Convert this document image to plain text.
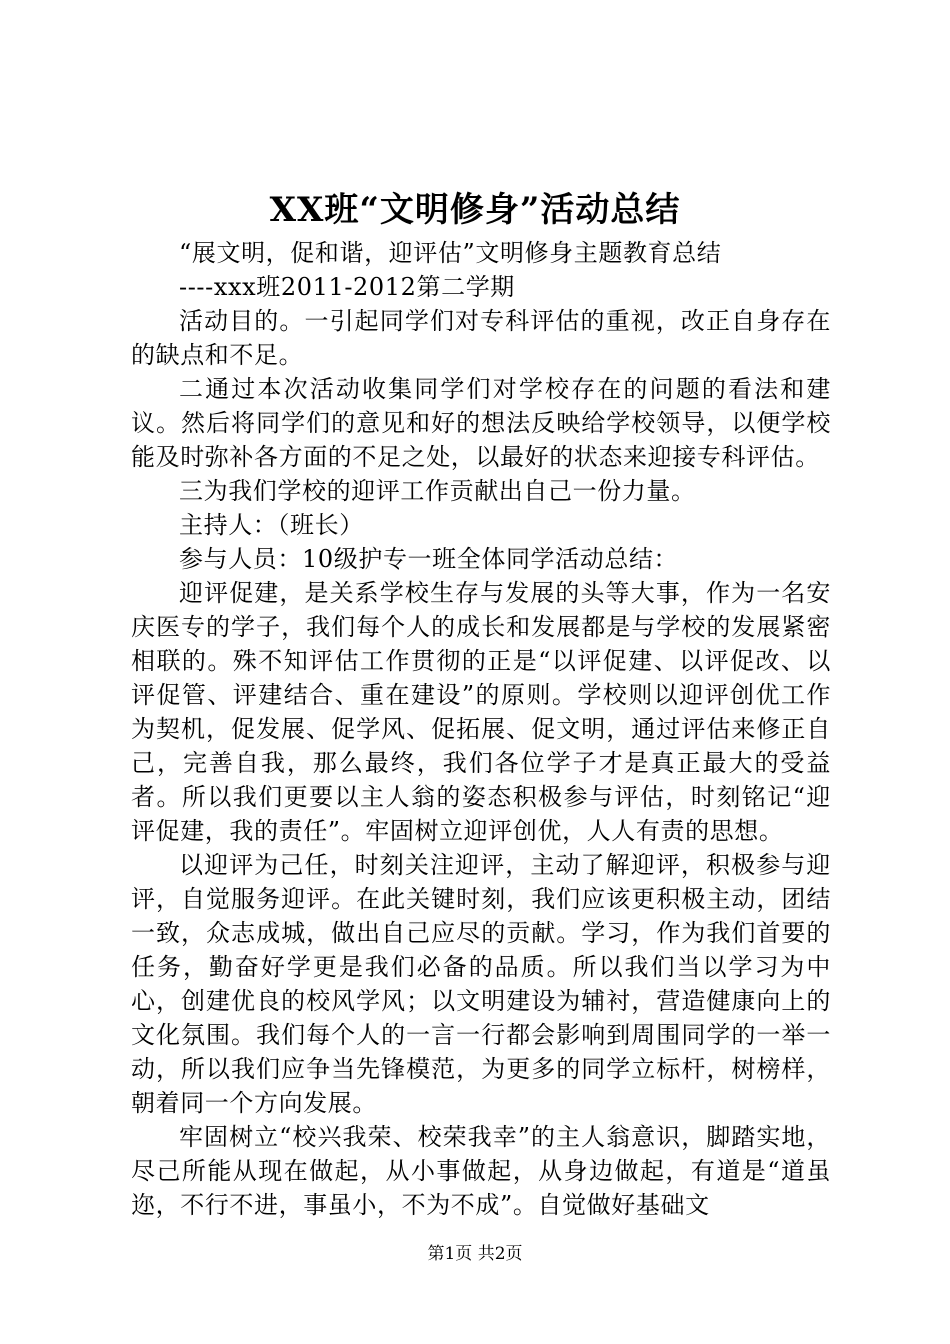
XX班“文明修身”活动总结

“展文明，促和谐，迎评估”文明修身主题教育总结

----xxx班2011-2012第二学期

活动目的。一引起同学们对专科评估的重视，改正自身存在的缺点和不足。

二通过本次活动收集同学们对学校存在的问题的看法和建议。然后将同学们的意见和好的想法反映给学校领导，以便学校能及时弥补各方面的不足之处，以最好的状态来迎接专科评估。

三为我们学校的迎评工作贡献出自己一份力量。

主持人：（班长）

参与人员：10级护专一班全体同学活动总结：

迎评促建，是关系学校生存与发展的头等大事，作为一名安庆医专的学子，我们每个人的成长和发展都是与学校的发展紧密相联的。殊不知评估工作贯彻的正是“以评促建、以评促改、以评促管、评建结合、重在建设”的原则。学校则以迎评创优工作为契机，促发展、促学风、促拓展、促文明，通过评估来修正自己，完善自我，那么最终，我们各位学子才是真正最大的受益者。所以我们更要以主人翁的姿态积极参与评估，时刻铭记“迎评促建，我的责任”。牢固树立迎评创优，人人有责的思想。

以迎评为己任，时刻关注迎评，主动了解迎评，积极参与迎评，自觉服务迎评。在此关键时刻，我们应该更积极主动，团结一致，众志成城，做出自己应尽的贡献。学习，作为我们首要的任务，勤奋好学更是我们必备的品质。所以我们当以学习为中心，创建优良的校风学风；以文明建设为辅衬，营造健康向上的文化氛围。我们每个人的一言一行都会影响到周围同学的一举一动，所以我们应争当先锋模范，为更多的同学立标杆，树榜样，朝着同一个方向发展。

牢固树立“校兴我荣、校荣我幸”的主人翁意识，脚踏实地，尽己所能从现在做起，从小事做起，从身边做起，有道是“道虽迩，不行不进，事虽小，不为不成”。自觉做好基础文

第1页 共2页
